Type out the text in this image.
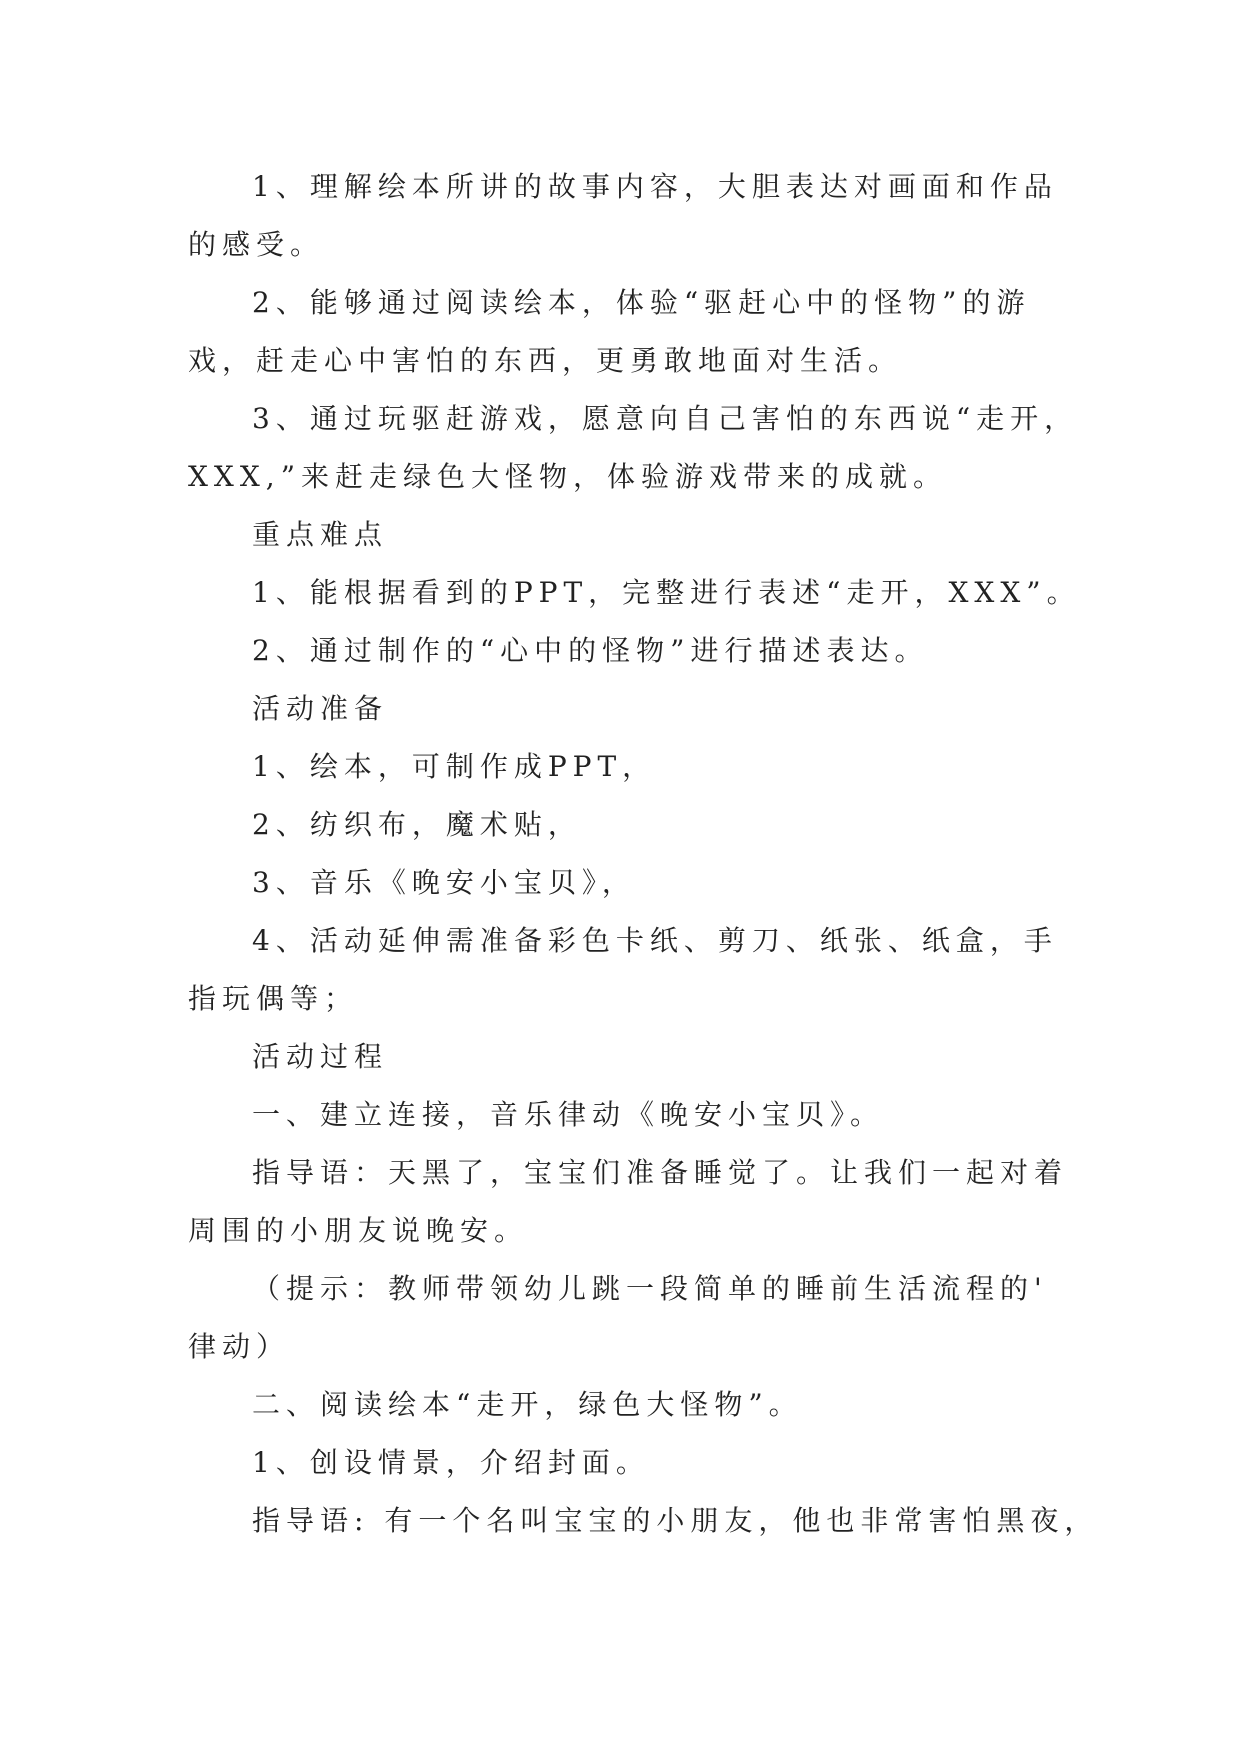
1、理解绘本所讲的故事内容，大胆表达对画面和作品
的感受。

2、能够通过阅读绘本，体验“驱赶心中的怪物”的游
戏，赶走心中害怕的东西，更勇敢地面对生活。

3、通过玩驱赶游戏，愿意向自己害怕的东西说“走开，
XXX,”来赶走绿色大怪物，体验游戏带来的成就。

重点难点

1、能根据看到的PPT，完整进行表述“走开，XXX”。

2、通过制作的“心中的怪物”进行描述表达。

活动准备

1、绘本，可制作成PPT，

2、纺织布，魔术贴，

3、音乐《晚安小宝贝》，

4、活动延伸需准备彩色卡纸、剪刀、纸张、纸盒，手
指玩偶等；

活动过程

一、建立连接，音乐律动《晚安小宝贝》。

指导语：天黑了，宝宝们准备睡觉了。让我们一起对着
周围的小朋友说晚安。

（提示：教师带领幼儿跳一段简单的睡前生活流程的'
律动）

二、阅读绘本“走开，绿色大怪物”。

1、创设情景，介绍封面。

指导语: 有一个名叫宝宝的小朋友，他也非常害怕黑夜，
